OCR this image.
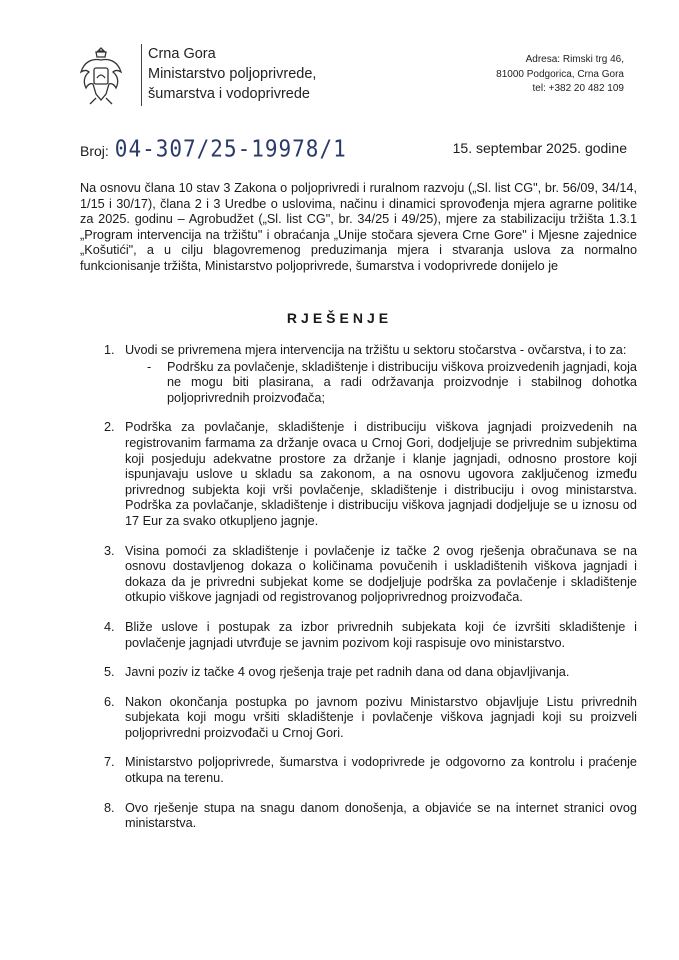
Crna Gora
Ministarstvo poljoprivrede,
šumarstva i vodoprivrede
Adresa: Rimski trg 46,
81000 Podgorica, Crna Gora
tel: +382 20 482 109
Broj: 04-307/25-19978/1	15. septembar 2025. godine
Na osnovu člana 10 stav 3 Zakona o poljoprivredi i ruralnom razvoju („Sl. list CG", br. 56/09, 34/14, 1/15 i 30/17), člana 2 i 3 Uredbe o uslovima, načinu i dinamici sprovođenja mjera agrarne politike za 2025. godinu – Agrobudžet („Sl. list CG", br. 34/25 i 49/25), mjere za stabilizaciju tržišta 1.3.1 „Program intervencija na tržištu" i obraćanja „Unije stočara sjevera Crne Gore" i Mjesne zajednice „Košutići", a u cilju blagovremenog preduzimanja mjera i stvaranja uslova za normalno funkcionisanje tržišta, Ministarstvo poljoprivrede, šumarstva i vodoprivrede donijelo je
RJEŠENJE
1. Uvodi se privremena mjera intervencija na tržištu u sektoru stočarstva - ovčarstva, i to za:
-	Podršku za povlačenje, skladištenje i distribuciju viškova proizvedenih jagnjadi, koja ne mogu biti plasirana, a radi održavanja proizvodnje i stabilnog dohotka poljoprivrednih proizvođača;
2. Podrška za povlačanje, skladištenje i distribuciju viškova jagnjadi proizvedenih na registrovanim farmama za držanje ovaca u Crnoj Gori, dodjeljuje se privrednim subjektima koji posjeduju adekvatne prostore za držanje i klanje jagnjadi, odnosno prostore koji ispunjavaju uslove u skladu sa zakonom, a na osnovu ugovora zaključenog između privrednog subjekta koji vrši povlačenje, skladištenje i distribuciju i ovog ministarstva. Podrška za povlačanje, skladištenje i distribuciju viškova jagnjadi dodjeljuje se u iznosu od 17 Eur za svako otkupljeno jagnje.
3. Visina pomoći za skladištenje i povlačenje iz tačke 2 ovog rješenja obračunava se na osnovu dostavljenog dokaza o količinama povučenih i uskladištenih viškova jagnjadi i dokaza da je privredni subjekat kome se dodjeljuje podrška za povlačenje i skladištenje otkupio viškove jagnjadi od registrovanog poljoprivrednog proizvođača.
4. Bliže uslove i postupak za izbor privrednih subjekata koji će izvršiti skladištenje i povlačenje jagnjadi utvrđuje se javnim pozivom koji raspisuje ovo ministarstvo.
5. Javni poziv iz tačke 4 ovog rješenja traje pet radnih dana od dana objavljivanja.
6. Nakon okončanja postupka po javnom pozivu Ministarstvo objavljuje Listu privrednih subjekata koji mogu vršiti skladištenje i povlačenje viškova jagnjadi koji su proizveli poljoprivredni proizvođači u Crnoj Gori.
7. Ministarstvo poljoprivrede, šumarstva i vodoprivrede je odgovorno za kontrolu i praćenje otkupa na terenu.
8. Ovo rješenje stupa na snagu danom donošenja, a objaviće se na internet stranici ovog ministarstva.
